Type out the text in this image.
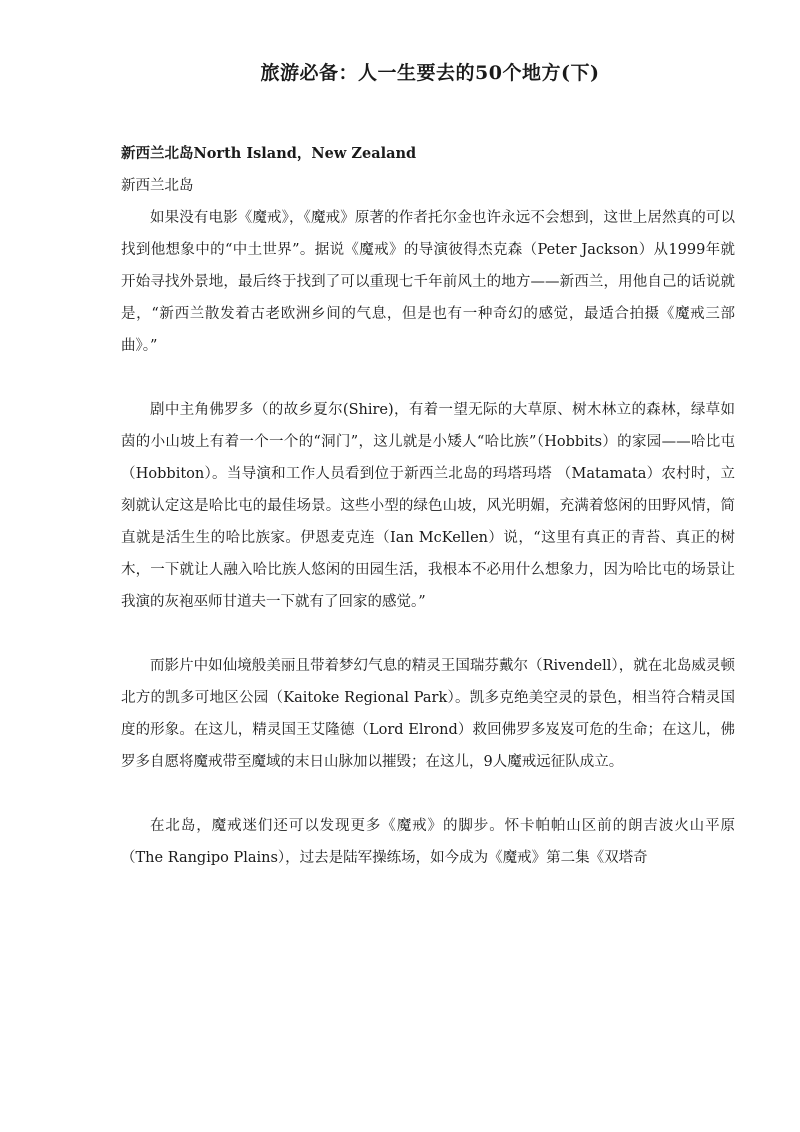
旅游必备：人一生要去的50个地方(下)

新西兰北岛North Island，New Zealand

新西兰北岛

如果没有电影《魔戒》，《魔戒》原著的作者托尔金也许永远不会想到，这世上居然真的可以找到他想象中的“中土世界”。据说《魔戒》的导演彼得杰克森（Peter Jackson）从1999年就开始寻找外景地，最后终于找到了可以重现七千年前风土的地方——新西兰，用他自己的话说就是，“新西兰散发着古老欧洲乡间的气息，但是也有一种奇幻的感觉，最适合拍摄《魔戒三部曲》。”

剧中主角佛罗多（的故乡夏尔(Shire)，有着一望无际的大草原、树木林立的森林，绿草如茵的小山坡上有着一个一个的“洞门”，这儿就是小矮人“哈比族”（Hobbits）的家园——哈比屯（Hobbiton）。当导演和工作人员看到位于新西兰北岛的玛塔玛塔 （Matamata）农村时，立刻就认定这是哈比屯的最佳场景。这些小型的绿色山坡，风光明媚，充满着悠闲的田野风情，简直就是活生生的哈比族家。伊恩麦克连（Ian McKellen）说，“这里有真正的青苔、真正的树木，一下就让人融入哈比族人悠闲的田园生活，我根本不必用什么想象力，因为哈比屯的场景让我演的灰袍巫师甘道夫一下就有了回家的感觉。”

而影片中如仙境般美丽且带着梦幻气息的精灵王国瑞芬戴尔（Rivendell），就在北岛威灵顿北方的凯多可地区公园（Kaitoke Regional Park）。凯多克绝美空灵的景色，相当符合精灵国度的形象。在这儿，精灵国王艾隆德（Lord Elrond）救回佛罗多岌岌可危的生命；在这儿，佛罗多自愿将魔戒带至魔域的末日山脉加以摧毁；在这儿，9人魔戒远征队成立。

在北岛，魔戒迷们还可以发现更多《魔戒》的脚步。怀卡帕帕山区前的朗吉波火山平原（The Rangipo Plains），过去是陆军操练场，如今成为《魔戒》第二集《双塔奇
